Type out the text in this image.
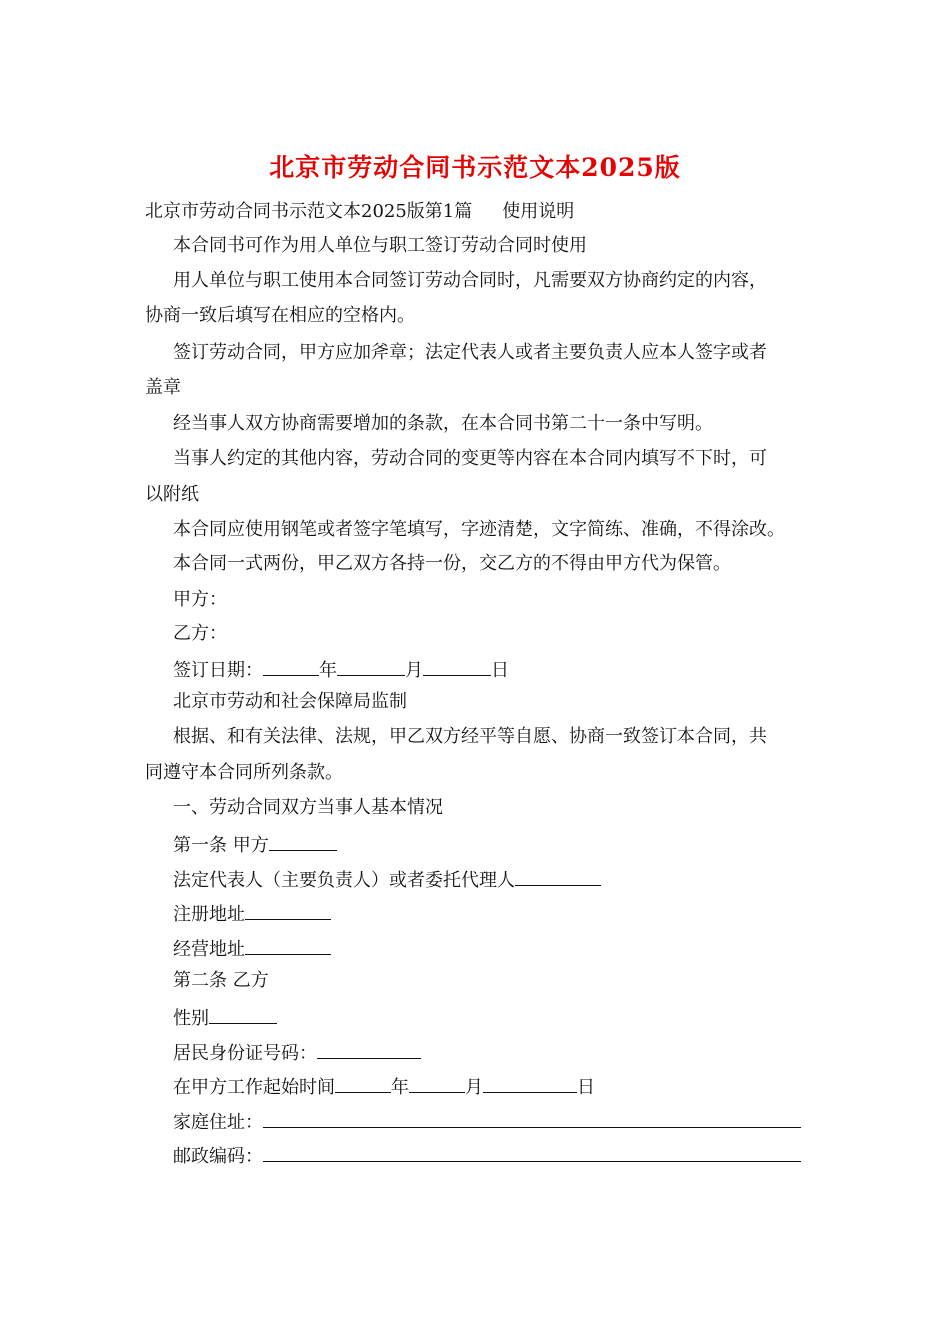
北京市劳动合同书示范文本2025版

北京市劳动合同书示范文本2025版第1篇 使用说明

本合同书可作为用人单位与职工签订劳动合同时使用

用人单位与职工使用本合同签订劳动合同时，凡需要双方协商约定的内容，

协商一致后填写在相应的空格内。

签订劳动合同，甲方应加斧章；法定代表人或者主要负责人应本人签字或者

盖章

经当事人双方协商需要增加的条款，在本合同书第二十一条中写明。

当事人约定的其他内容，劳动合同的变更等内容在本合同内填写不下时，可

以附纸

本合同应使用钢笔或者签字笔填写，字迹清楚，文字简练、准确，不得涂改。

本合同一式两份，甲乙双方各持一份，交乙方的不得由甲方代为保管。

甲方：

乙方：

签订日期：	年	月	日

北京市劳动和社会保障局监制

根据、和有关法律、法规，甲乙双方经平等自愿、协商一致签订本合同，共

同遵守本合同所列条款。

一、劳动合同双方当事人基本情况

第一条 甲方

法定代表人（主要负责人）或者委托代理人

注册地址

经营地址

第二条 乙方

性别

居民身份证号码：

在甲方工作起始时间	年	月	日

家庭住址：

邮政编码：
